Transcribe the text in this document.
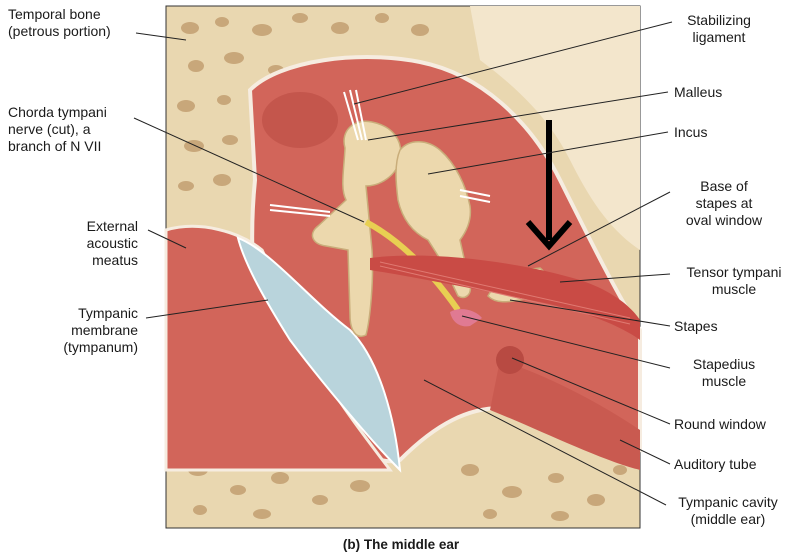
Temporal bone
(petrous portion)
Chorda tympani
nerve (cut), a
branch of N VII
External
acoustic
meatus
Tympanic
membrane
(tympanum)
Stabilizing
ligament
Malleus
Incus
Base of
stapes at
oval window
Tensor tympani
muscle
Stapes
Stapedius
muscle
Round window
Auditory tube
Tympanic cavity
(middle ear)
(b) The middle ear
